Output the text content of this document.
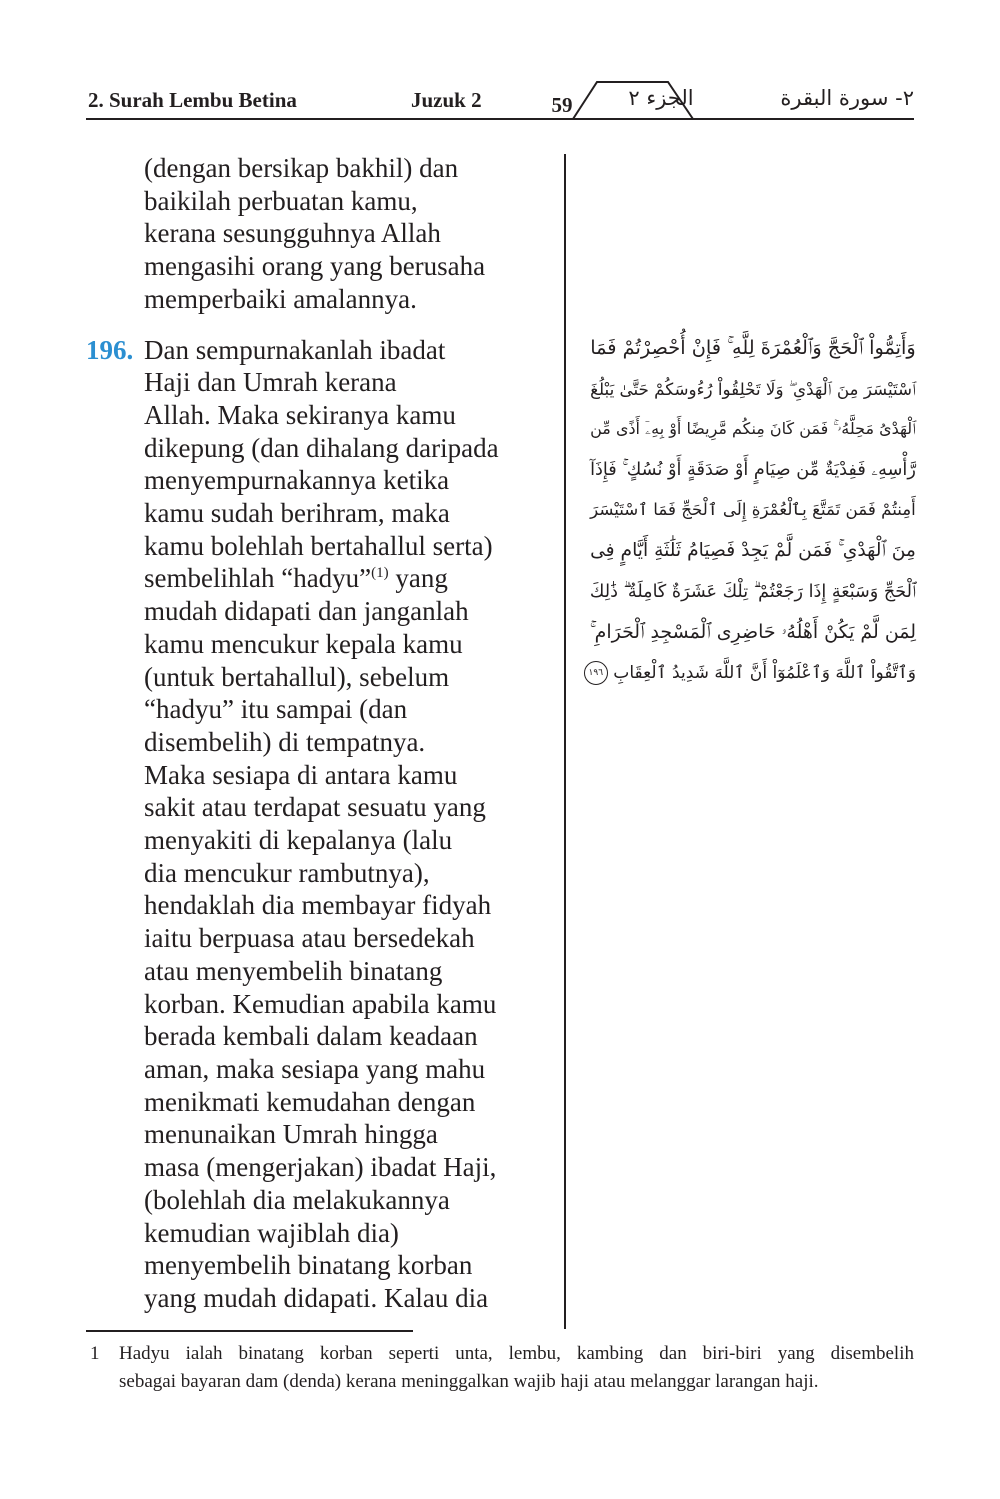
2. Surah Lembu Betina	Juzuk 2	59	الجزء ٢	٢- سورة البقرة
(dengan bersikap bakhil) dan
baikilah perbuatan kamu,
kerana sesungguhnya Allah
mengasihi orang yang berusaha
memperbaiki amalannya.
196. Dan sempurnakanlah ibadat
Haji dan Umrah kerana
Allah. Maka sekiranya kamu
dikepung (dan dihalang daripada
menyempurnakannya ketika
kamu sudah berihram, maka
kamu bolehlah bertahallul serta)
sembelihlah “hadyu”$^{(1)}$ yang
mudah didapati dan janganlah
kamu mencukur kepala kamu
(untuk bertahallul), sebelum
“hadyu” itu sampai (dan
disembelih) di tempatnya.
Maka sesiapa di antara kamu
sakit atau terdapat sesuatu yang
menyakiti di kepalanya (lalu
dia mencukur rambutnya),
hendaklah dia membayar fidyah
iaitu berpuasa atau bersedekah
atau menyembelih binatang
korban. Kemudian apabila kamu
berada kembali dalam keadaan
aman, maka sesiapa yang mahu
menikmati kemudahan dengan
menunaikan Umrah hingga
masa (mengerjakan) ibadat Haji,
(bolehlah dia melakukannya
kemudian wajiblah dia)
menyembelih binatang korban
yang mudah didapati. Kalau dia
وَأَتِمُّواْ ٱلْحَجَّ وَٱلْعُمْرَةَ لِلَّهِ ۚ فَإِنْ أُحْصِرْتُمْ فَمَا
ٱسْتَيْسَرَ مِنَ ٱلْهَدْىِ ۖ وَلَا تَحْلِقُواْ رُءُوسَكُمْ حَتَّىٰ يَبْلُغَ
ٱلْهَدْىُ مَحِلَّهُۥ ۚ فَمَن كَانَ مِنكُم مَّرِيضًا أَوْ بِهِۦٓ أَذًى مِّن
رَّأْسِهِۦ فَفِدْيَةٌ مِّن صِيَامٍ أَوْ صَدَقَةٍ أَوْ نُسُكٍ ۚ فَإِذَآ
أَمِنتُمْ فَمَن تَمَتَّعَ بِٱلْعُمْرَةِ إِلَى ٱلْحَجِّ فَمَا ٱسْتَيْسَرَ
مِنَ ٱلْهَدْىِ ۚ فَمَن لَّمْ يَجِدْ فَصِيَامُ ثَلَٰثَةِ أَيَّامٍ فِى
ٱلْحَجِّ وَسَبْعَةٍ إِذَا رَجَعْتُمْ ۗ تِلْكَ عَشَرَةٌ كَامِلَةٌ ۗ ذَٰلِكَ
لِمَن لَّمْ يَكُنْ أَهْلُهُۥ حَاضِرِى ٱلْمَسْجِدِ ٱلْحَرَامِ ۚ
وَٱتَّقُواْ ٱللَّهَ وَٱعْلَمُوٓاْ أَنَّ ٱللَّهَ شَدِيدُ ٱلْعِقَابِ ١٩٦
1 Hadyu ialah binatang korban seperti unta, lembu, kambing dan biri-biri yang disembelih
sebagai bayaran dam (denda) kerana meninggalkan wajib haji atau melanggar larangan haji.
